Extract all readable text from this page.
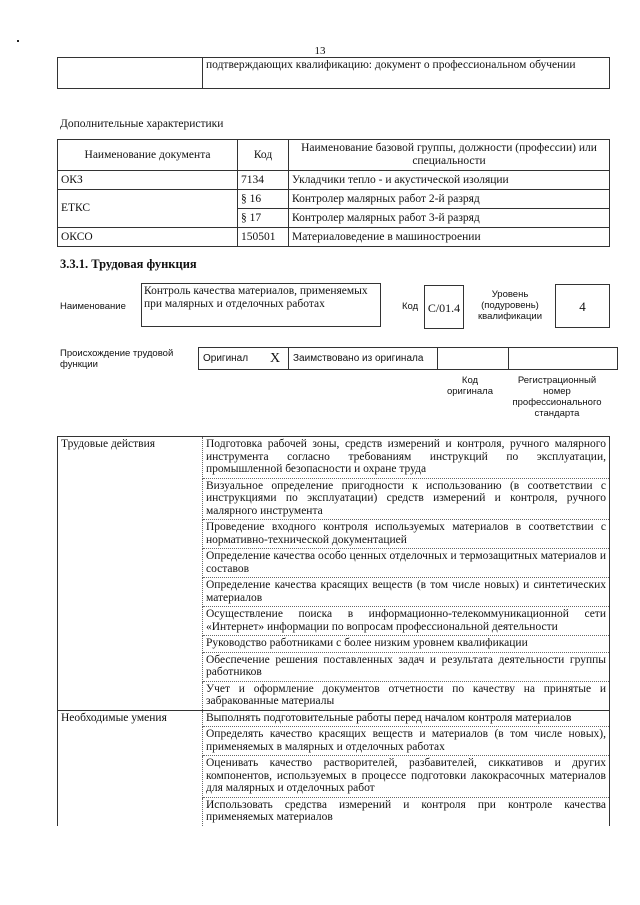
13
	подтверждающих квалификацию: документ о профессиональном обучении
Дополнительные характеристики
Наименование документа	Код	Наименование базовой группы, должности (профессии) или специальности
ОКЗ	7134	Укладчики тепло - и акустической изоляции
ЕТКС	§ 16	Контролер малярных работ 2-й разряд
	§ 17	Контролер малярных работ 3-й разряд
ОКСО	150501	Материаловедение в машиностроении
3.3.1. Трудовая функция
Наименование
Контроль качества материалов, применяемых при малярных и отделочных работах	Код C/01.4
Уровень (подуровень) квалификации
4
Происхождение трудовой функции
Оригинал	X	Заимствовано из оригинала		
Код оригинала
Регистрационный номер профессионального стандарта
Трудовые действия	Подготовка рабочей зоны, средств измерений и контроля, ручного малярного инструмента согласно требованиям инструкций по эксплуатации, промышленной безопасности и охране труда
	Визуальное определение пригодности к использованию (в соответствии с инструкциями по эксплуатации) средств измерений и контроля, ручного малярного инструмента
	Проведение входного контроля используемых материалов в соответствии с нормативно-технической документацией
	Определение качества особо ценных отделочных и термозащитных материалов и составов
	Определение качества красящих веществ (в том числе новых) и синтетических материалов
	Осуществление поиска в информационно-телекоммуникационной сети «Интернет» информации по вопросам профессиональной деятельности
	Руководство работниками с более низким уровнем квалификации
	Обеспечение решения поставленных задач и результата деятельности группы работников
	Учет и оформление документов отчетности по качеству на принятые и забракованные материалы
Необходимые умения	Выполнять подготовительные работы перед началом контроля материалов
	Определять качество красящих веществ и материалов (в том числе новых), применяемых в малярных и отделочных работах
	Оценивать качество растворителей, разбавителей, сиккативов и других компонентов, используемых в процессе подготовки лакокрасочных материалов для малярных и отделочных работ
	Использовать средства измерений и контроля при контроле качества применяемых материалов
